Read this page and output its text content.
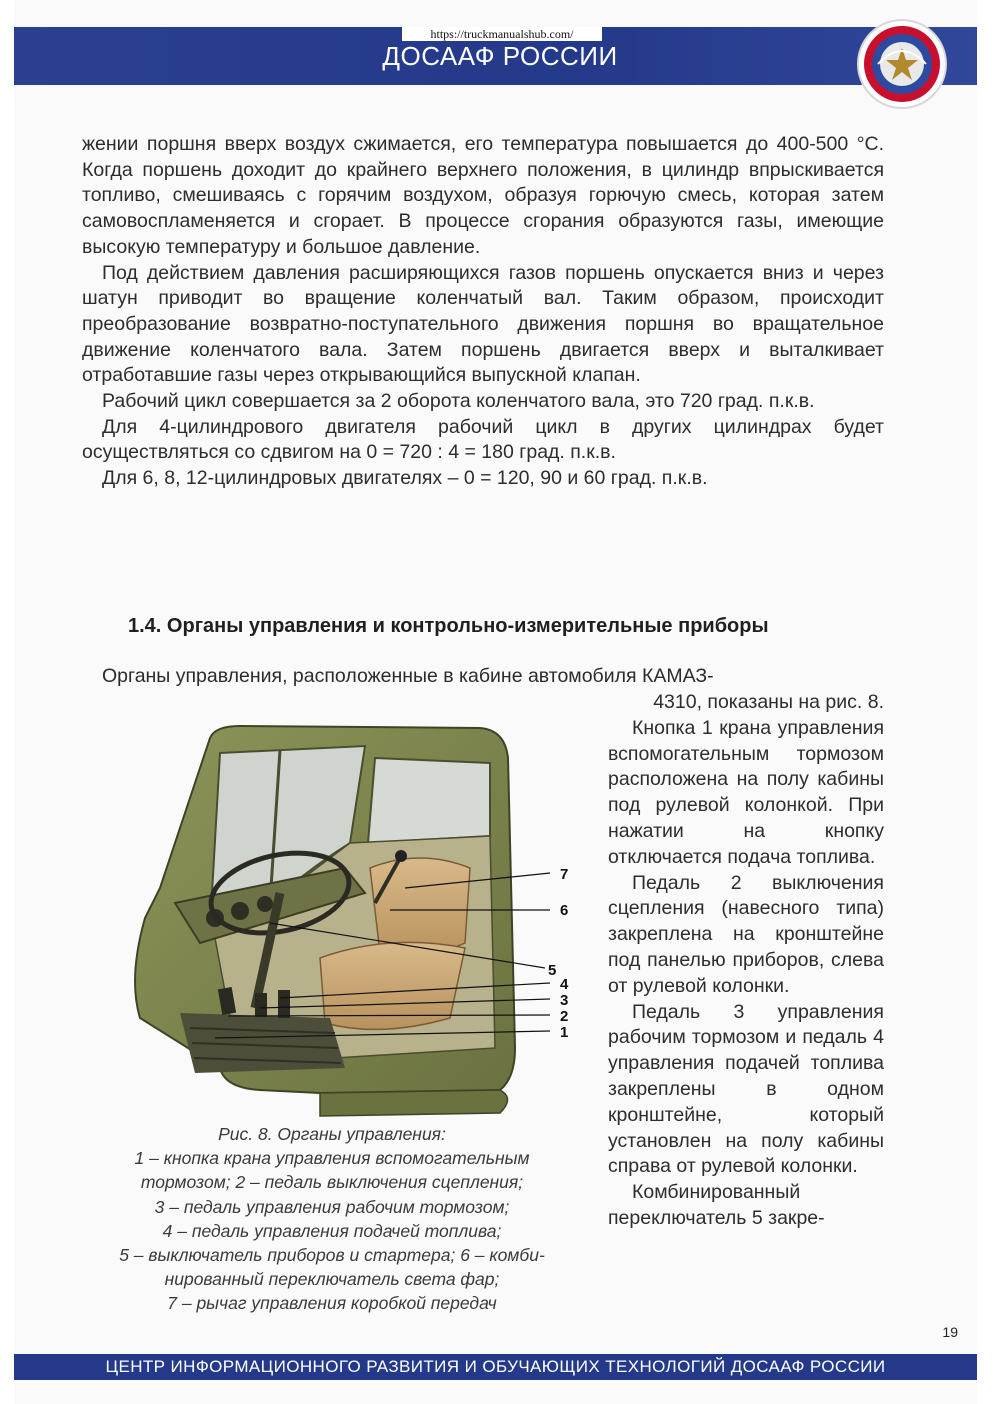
https://truckmanualshub.com/
ДОСААФ РОССИИ

жении поршня вверх воздух сжимается, его температура повышается до 400-500 °С. Когда поршень доходит до крайнего верхнего положения, в цилиндр впрыскивается топливо, смешиваясь с горячим воздухом, образуя горючую смесь, которая затем самовоспламеняется и сгорает. В процессе сгорания образуются газы, имеющие высокую температуру и большое давление.

Под действием давления расширяющихся газов поршень опускается вниз и через шатун приводит во вращение коленчатый вал. Таким образом, происходит преобразование возвратно-поступательного движения поршня во вращательное движение коленчатого вала. Затем поршень двигается вверх и выталкивает отработавшие газы через открывающийся выпускной клапан.

Рабочий цикл совершается за 2 оборота коленчатого вала, это 720 град. п.к.в.

Для 4-цилиндрового двигателя рабочий цикл в других цилиндрах будет осуществляться со сдвигом на 0 = 720 : 4 = 180 град. п.к.в.

Для 6, 8, 12-цилиндровых двигателях – 0 = 120, 90 и 60 град. п.к.в.

1.4. Органы управления и контрольно-измерительные приборы
Органы управления, расположенные в кабине автомобиля КАМАЗ-

4310, показаны на рис. 8.

Кнопка 1 крана управления вспомогательным тормозом расположена на полу кабины под рулевой колонкой. При нажатии на кнопку отключается подача топлива.

Педаль 2 выключения сцепления (навесного типа) закреплена на кронштейне под панелью приборов, слева от рулевой колонки.

Педаль 3 управления рабочим тормозом и педаль 4 управления подачей топлива закреплены в одном кронштейне, который установлен на полу кабины справа от рулевой колонки.

Комбинированный переключатель 5 закре-

7
6
5
4
3
2
1
Рис. 8. Органы управления:
1 – кнопка крана управления вспомогательным
тормозом; 2 – педаль выключения сцепления;
3 – педаль управления рабочим тормозом;
4 – педаль управления подачей топлива;
5 – выключатель приборов и стартера; 6 – комби-
нированный переключатель света фар;
7 – рычаг управления коробкой передач
19
ЦЕНТР ИНФОРМАЦИОННОГО РАЗВИТИЯ И ОБУЧАЮЩИХ ТЕХНОЛОГИЙ ДОСААФ РОССИИ
